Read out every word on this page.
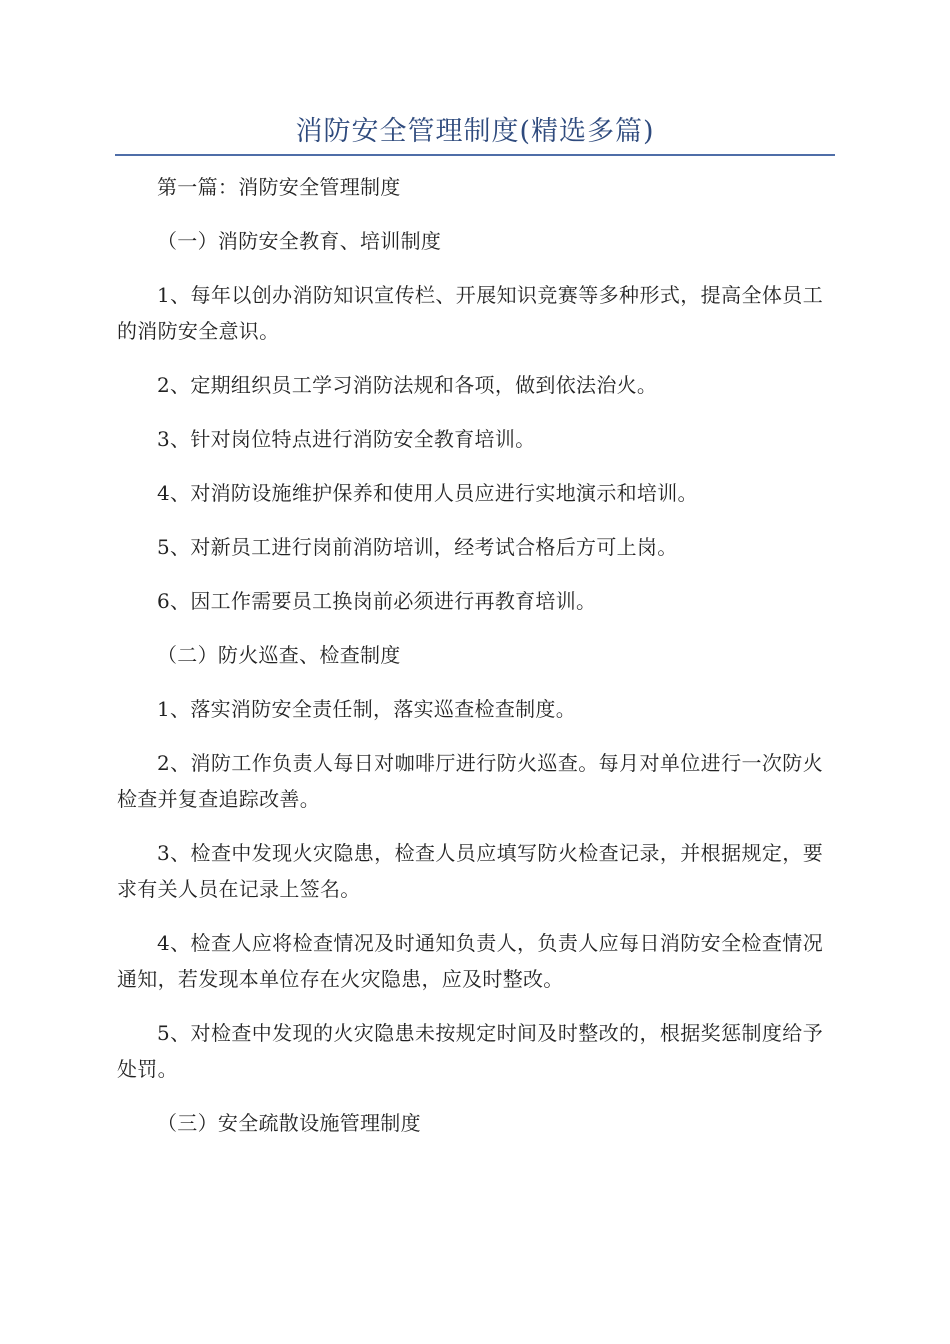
消防安全管理制度(精选多篇)

第一篇：消防安全管理制度

（一）消防安全教育、培训制度

1、每年以创办消防知识宣传栏、开展知识竞赛等多种形式，提高全体员工的消防安全意识。

2、定期组织员工学习消防法规和各项，做到依法治火。

3、针对岗位特点进行消防安全教育培训。

4、对消防设施维护保养和使用人员应进行实地演示和培训。

5、对新员工进行岗前消防培训，经考试合格后方可上岗。

6、因工作需要员工换岗前必须进行再教育培训。

（二）防火巡查、检查制度

1、落实消防安全责任制，落实巡查检查制度。

2、消防工作负责人每日对咖啡厅进行防火巡查。每月对单位进行一次防火检查并复查追踪改善。

3、检查中发现火灾隐患，检查人员应填写防火检查记录，并根据规定，要求有关人员在记录上签名。

4、检查人应将检查情况及时通知负责人，负责人应每日消防安全检查情况通知，若发现本单位存在火灾隐患，应及时整改。

5、对检查中发现的火灾隐患未按规定时间及时整改的，根据奖惩制度给予处罚。

（三）安全疏散设施管理制度
